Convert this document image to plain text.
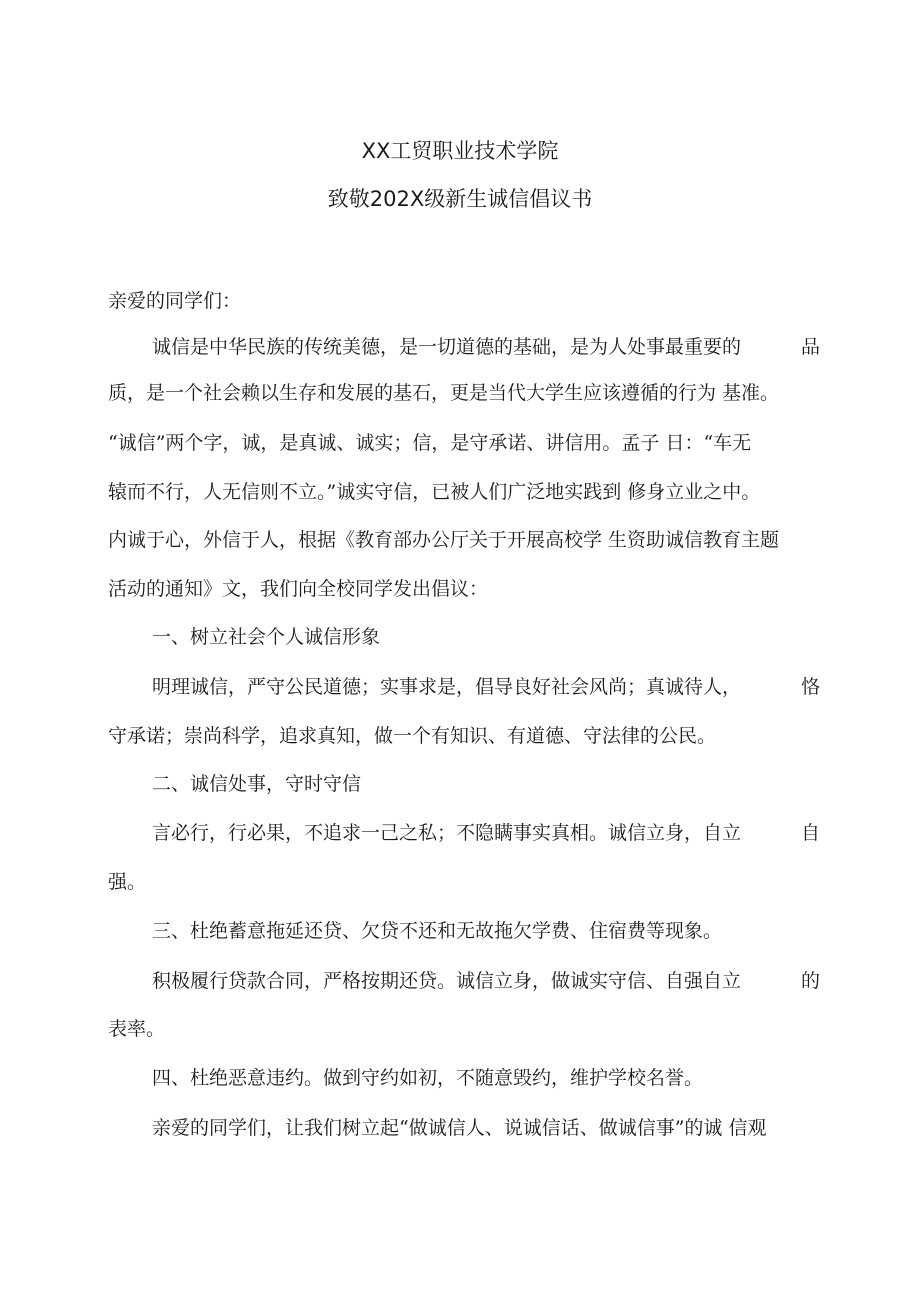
XX工贸职业技术学院
致敬202X级新生诚信倡议书
亲爱的同学们：
诚信是中华民族的传统美德，是一切道德的基础，是为人处事最重要的	品
质，是一个社会赖以生存和发展的基石，更是当代大学生应该遵循的行为 基准。
“诚信”两个字，诚，是真诚、诚实；信，是守承诺、讲信用。孟子 日：“车无
辕而不行，人无信则不立。”诚实守信，已被人们广泛地实践到 修身立业之中。
内诚于心，外信于人，根据《教育部办公厅关于开展高校学 生资助诚信教育主题
活动的通知》文，我们向全校同学发出倡议：
一、树立社会个人诚信形象
明理诚信，严守公民道德；实事求是，倡导良好社会风尚；真诚待人，	恪
守承诺；崇尚科学，追求真知，做一个有知识、有道德、守法律的公民。
二、诚信处事，守时守信
言必行，行必果，不追求一己之私；不隐瞒事实真相。诚信立身，自立	自
强。
三、杜绝蓄意拖延还贷、欠贷不还和无故拖欠学费、住宿费等现象。
积极履行贷款合同，严格按期还贷。诚信立身，做诚实守信、自强自立	的
表率。
四、杜绝恶意违约。做到守约如初，不随意毁约，维护学校名誉。
亲爱的同学们，让我们树立起“做诚信人、说诚信话、做诚信事”的诚 信观
